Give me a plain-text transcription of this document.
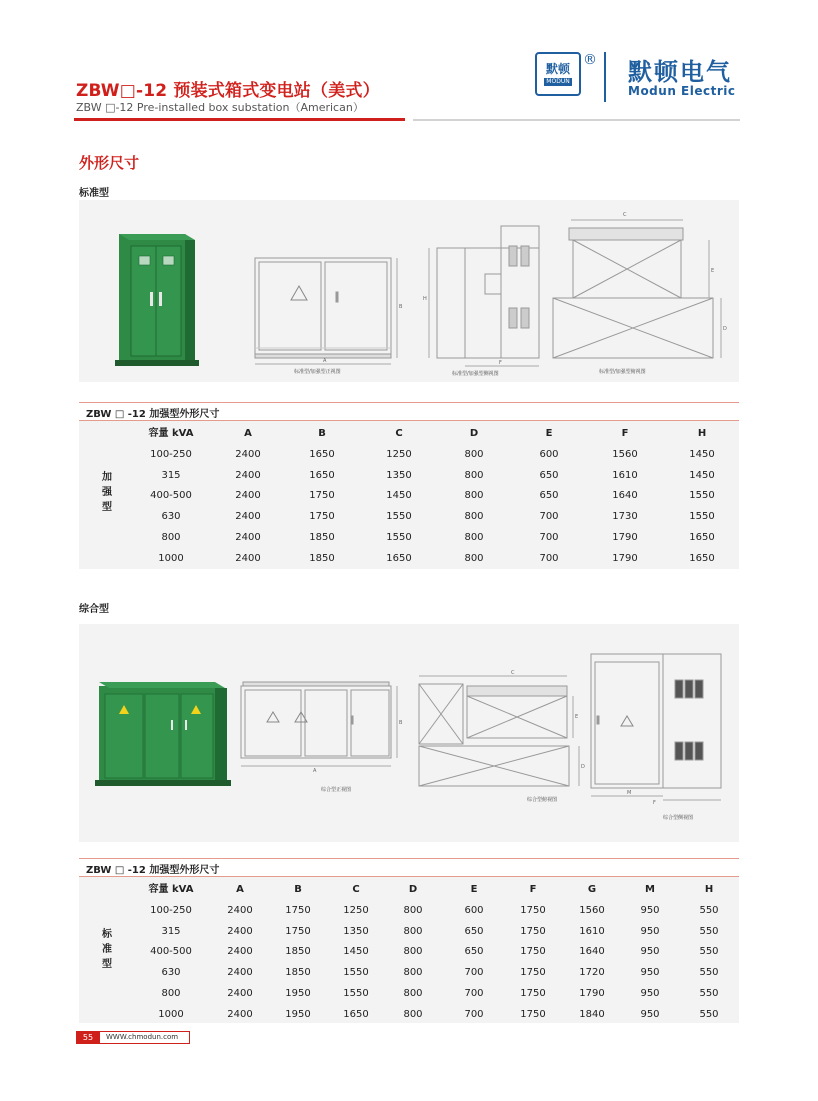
ZBW□-12 预装式箱式变电站（美式）
ZBW □-12 Pre-installed box substation（American）
默顿
MODUN
® 默顿电气
Modun Electric
外形尺寸
标准型
A
B
H
F
C
E
D
标准型/加强型正视图	标准型/加强型侧视图	标准型/加强型俯视图
ZBW □ -12 加强型外形尺寸
加
强
型
容量 kVA	A	B	C	D	E	F	H
100-250	2400	1650	1250	800	600	1560	1450
315	2400	1650	1350	800	650	1610	1450
400-500	2400	1750	1450	800	650	1640	1550
630	2400	1750	1550	800	700	1730	1550
800	2400	1850	1550	800	700	1790	1650
1000	2400	1850	1650	800	700	1790	1650
综合型
A
B
C
E
D
M
F
综合型正视图
综合型俯视图
综合型侧视图
ZBW □ -12 加强型外形尺寸
标
准
型
容量 kVA	A	B	C	D	E	F	G	M	H
100-250	2400	1750	1250	800	600	1750	1560	950	550
315	2400	1750	1350	800	650	1750	1610	950	550
400-500	2400	1850	1450	800	650	1750	1640	950	550
630	2400	1850	1550	800	700	1750	1720	950	550
800	2400	1950	1550	800	700	1750	1790	950	550
1000	2400	1950	1650	800	700	1750	1840	950	550
55	WWW.chmodun.com
